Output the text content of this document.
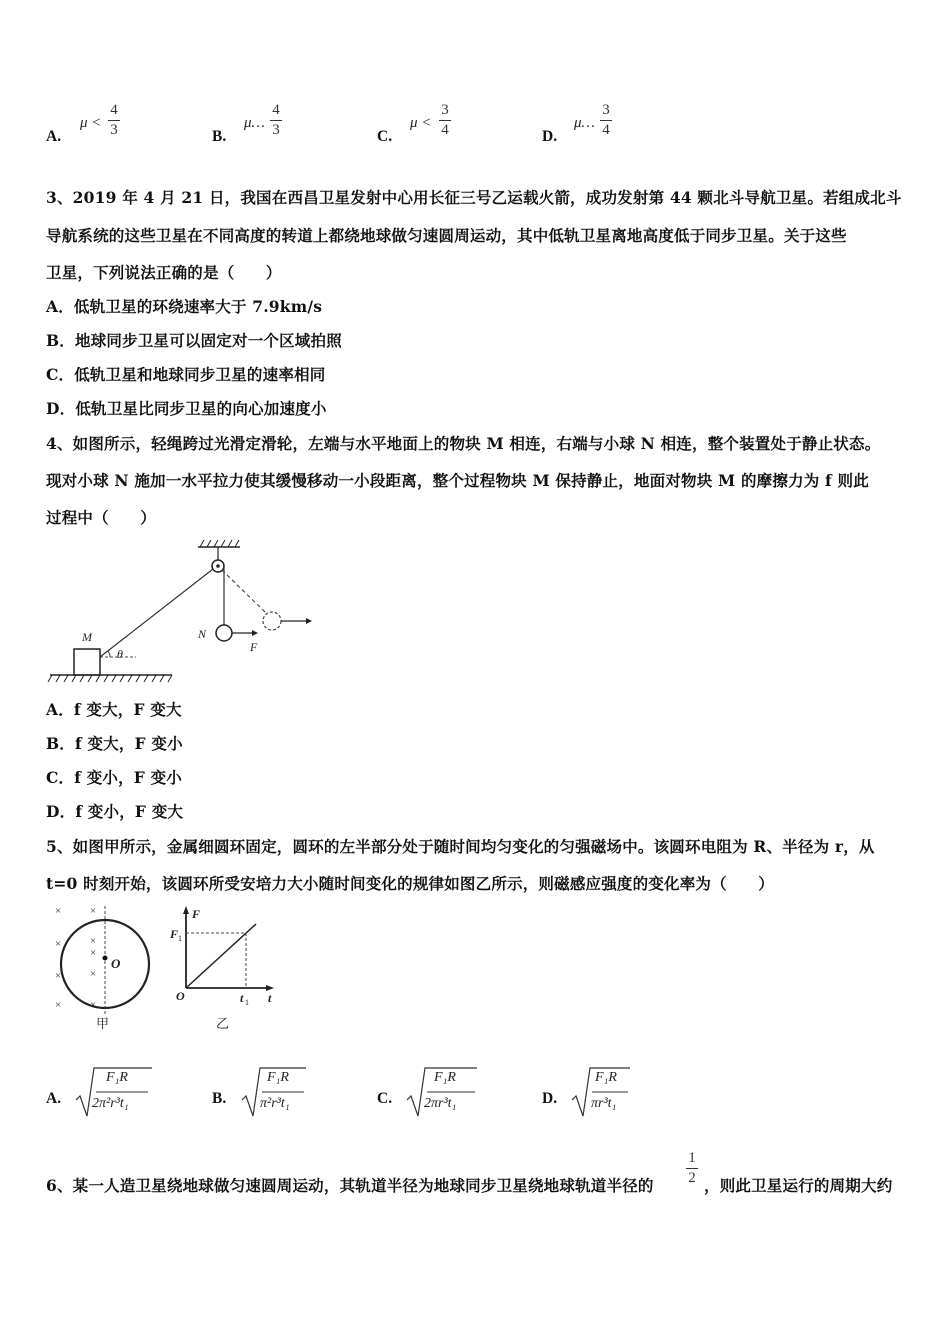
A.
μ <
4
3	B.
μ…
4
3	C.
μ <
3
4	D.
μ…
3
4
3、2019 年 4 月 21 日，我国在西昌卫星发射中心用长征三号乙运载火箭，成功发射第 44 颗北斗导航卫星。若组成北斗
导航系统的这些卫星在不同高度的转道上都绕地球做匀速圆周运动，其中低轨卫星离地高度低于同步卫星。关于这些
卫星，下列说法正确的是（　　）
A．低轨卫星的环绕速率大于 7.9km/s
B．地球同步卫星可以固定对一个区域拍照
C．低轨卫星和地球同步卫星的速率相同
D．低轨卫星比同步卫星的向心加速度小
4、如图所示，轻绳跨过光滑定滑轮，左端与水平地面上的物块 M 相连，右端与小球 N 相连，整个装置处于静止状态。
现对小球 N 施加一水平拉力使其缓慢移动一小段距离，整个过程物块 M 保持静止，地面对物块 M 的摩擦力为 f 则此
过程中（　　）
M	N
F
θ
A．f 变大，F 变大
B．f 变大，F 变小
C．f 变小，F 变小
D．f 变小，F 变大
5、如图甲所示，金属细圆环固定，圆环的左半部分处于随时间均匀变化的匀强磁场中。该圆环电阻为 R、半径为 r，从
t=0 时刻开始，该圆环所受安培力大小随时间变化的规律如图乙所示，则磁感应强度的变化率为（　　）
O
×	×
×
×
×	×
×
×	×
甲
F
t
O
F 1
t 1
乙
A.
F₁R
2π²r³t₁	B.
F₁R
π²r³t₁	C.
F₁R
2πr³t₁	D.
F₁R
πr³t₁
6、某一人造卫星绕地球做匀速圆周运动，其轨道半径为地球同步卫星绕地球轨道半径的
1
2 ，则此卫星运行的周期大约
